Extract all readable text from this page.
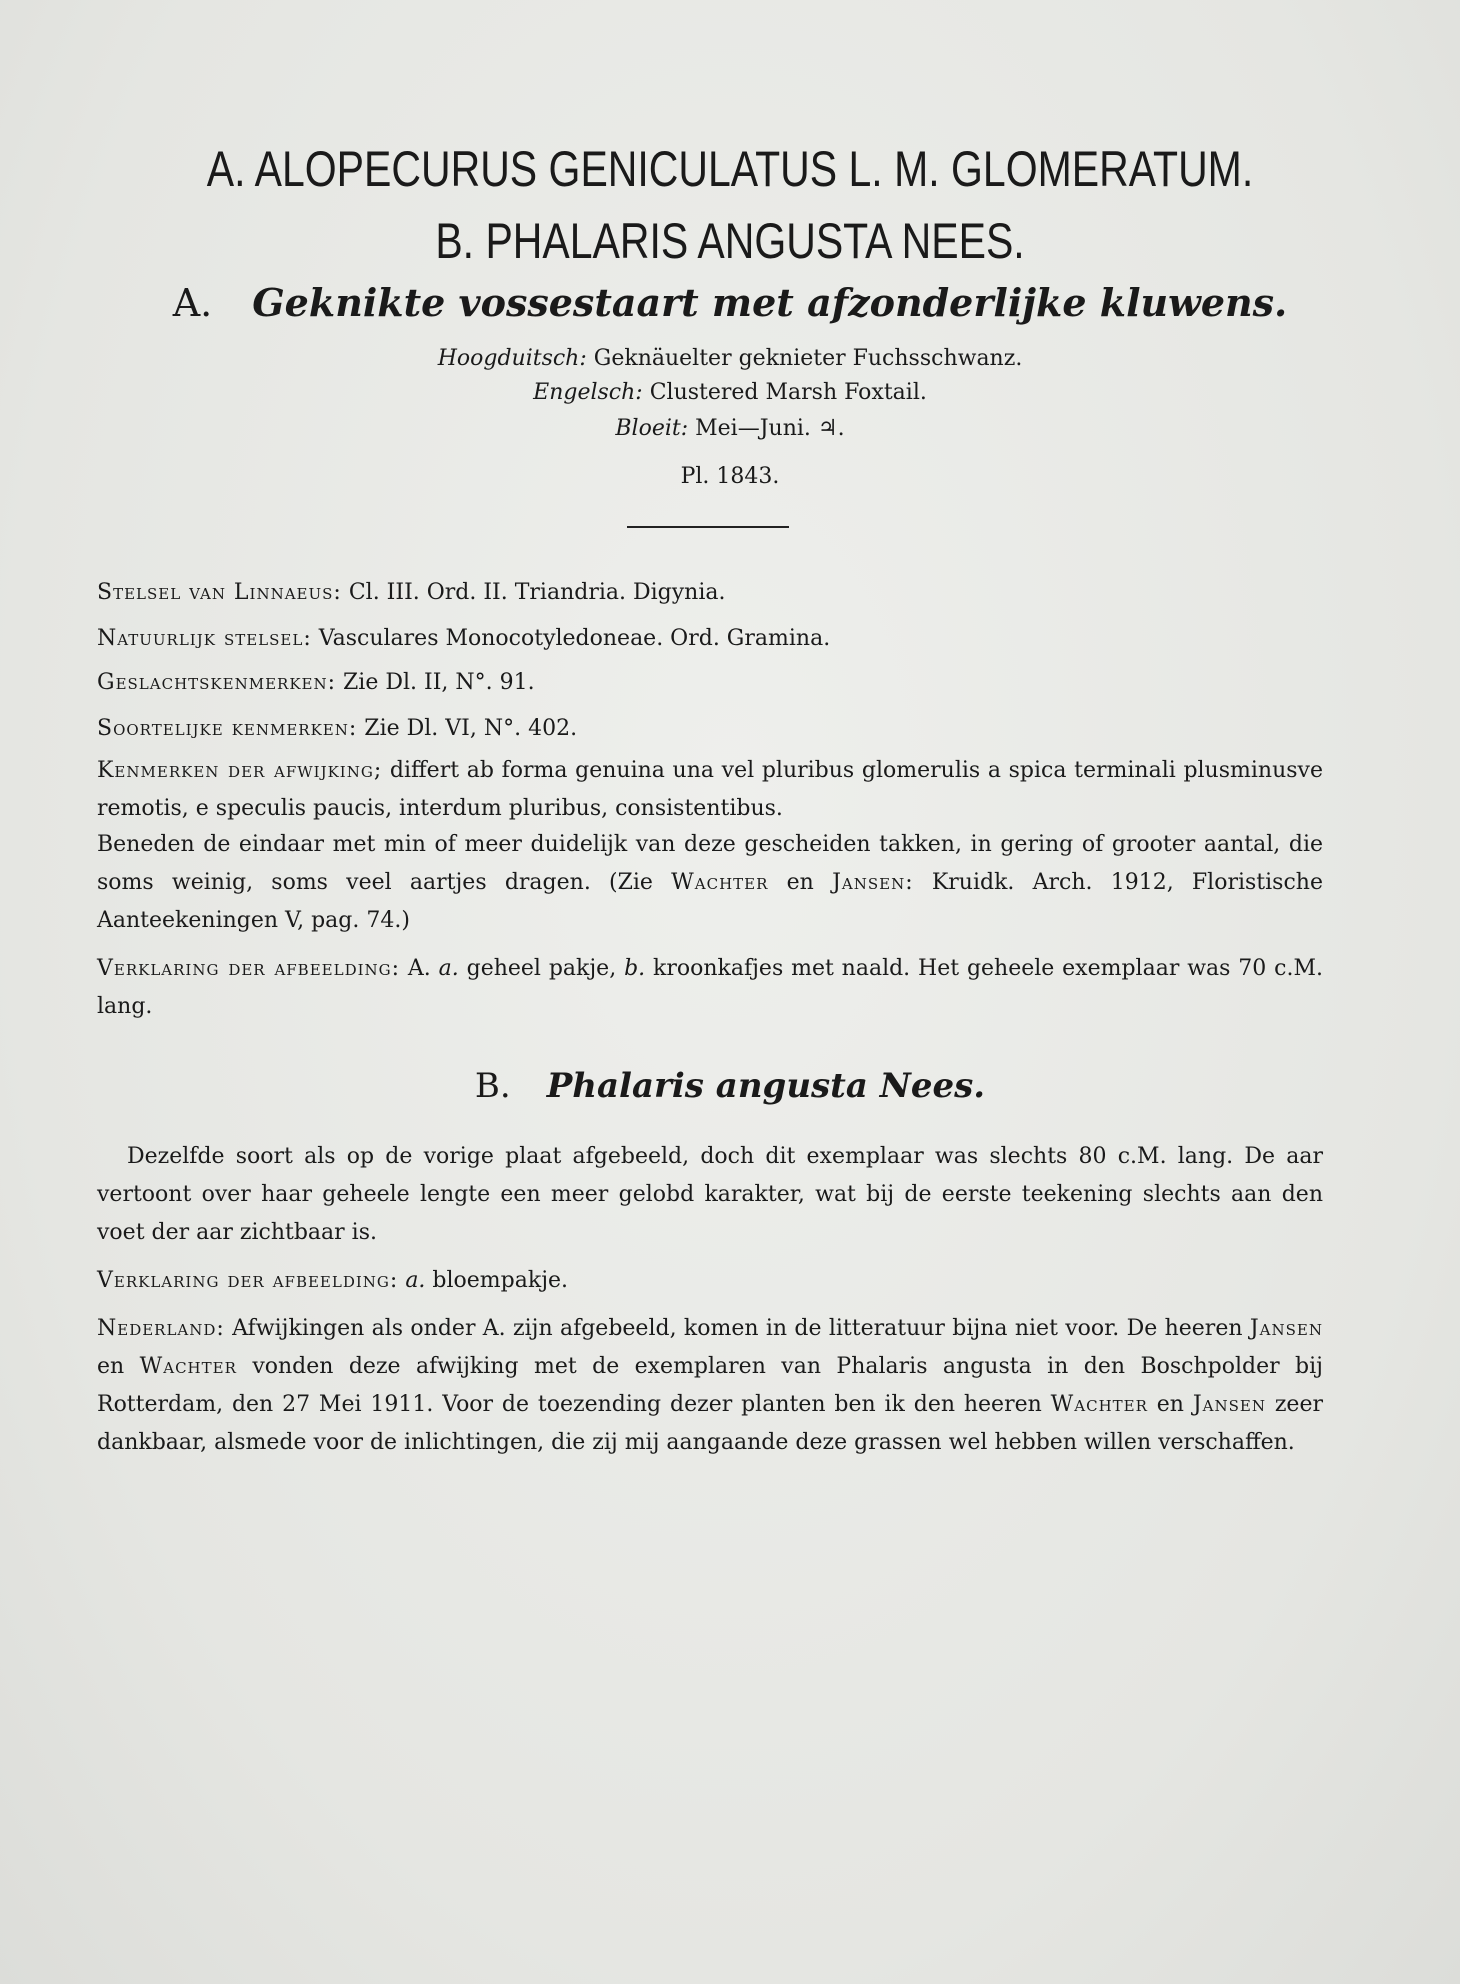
A. ALOPECURUS GENICULATUS L. M. GLOMERATUM.
B. PHALARIS ANGUSTA NEES.
A. Geknikte vossestaart met afzonderlijke kluwens.
Hoogduitsch: Geknäuelter geknieter Fuchsschwanz.
Engelsch: Clustered Marsh Foxtail.
Bloeit: Mei—Juni. ♃.
Pl. 1843.
Stelsel van Linnaeus: Cl. III. Ord. II. Triandria. Digynia.
Natuurlijk stelsel: Vasculares Monocotyledoneae. Ord. Gramina.
Geslachtskenmerken: Zie Dl. II, N°. 91.
Soortelijke kenmerken: Zie Dl. VI, N°. 402.
Kenmerken der afwijking; differt ab forma genuina una vel pluribus glomerulis a spica terminali plusminusve remotis, e speculis paucis, interdum pluribus, consistentibus.
Beneden de eindaar met min of meer duidelijk van deze gescheiden takken, in gering of grooter aantal, die soms weinig, soms veel aartjes dragen. (Zie Wachter en Jansen: Kruidk. Arch. 1912, Floristische Aanteekeningen V, pag. 74.)
Verklaring der afbeelding: A. a. geheel pakje, b. kroonkafjes met naald. Het geheele exemplaar was 70 c.M. lang.
B. Phalaris angusta Nees.
Dezelfde soort als op de vorige plaat afgebeeld, doch dit exemplaar was slechts 80 c.M. lang. De aar vertoont over haar geheele lengte een meer gelobd karakter, wat bij de eerste teekening slechts aan den voet der aar zichtbaar is.
Verklaring der afbeelding: a. bloempakje.
Nederland: Afwijkingen als onder A. zijn afgebeeld, komen in de litteratuur bijna niet voor. De heeren Jansen en Wachter vonden deze afwijking met de exemplaren van Phalaris angusta in den Boschpolder bij Rotterdam, den 27 Mei 1911. Voor de toezending dezer planten ben ik den heeren Wachter en Jansen zeer dankbaar, alsmede voor de inlichtingen, die zij mij aangaande deze grassen wel hebben willen verschaffen.
